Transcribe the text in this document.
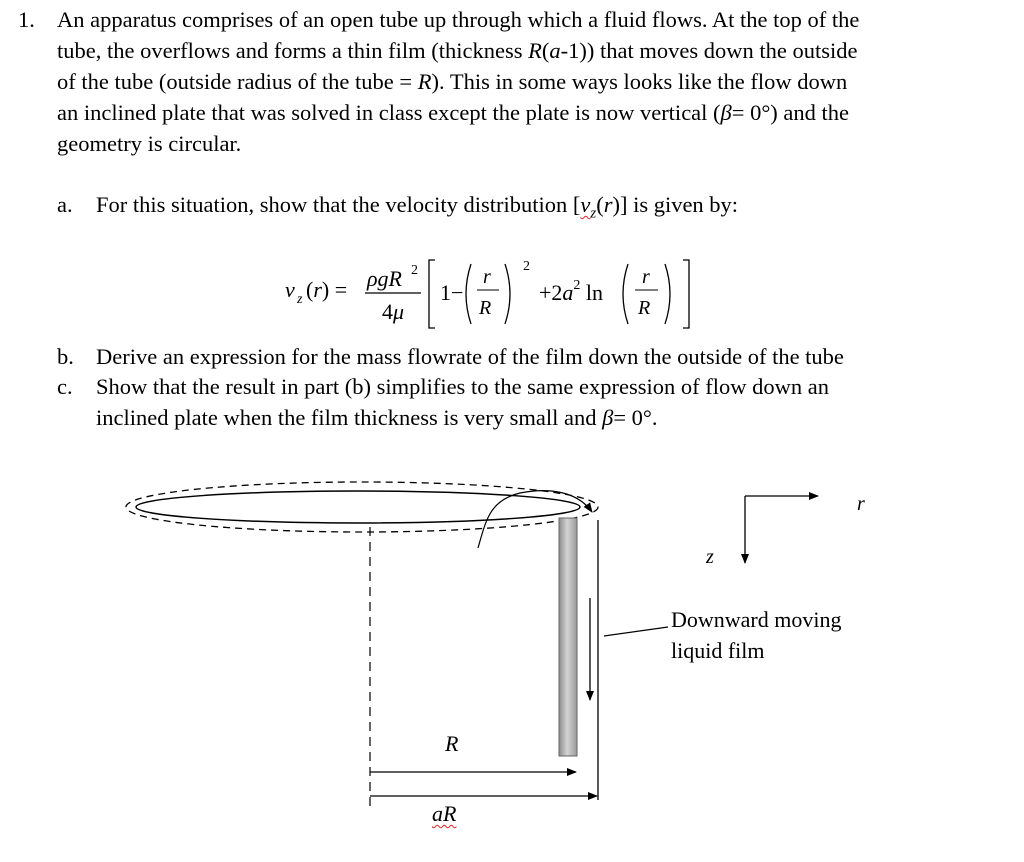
1. An apparatus comprises of an open tube up through which a fluid flows. At the top of the
tube, the overflows and forms a thin film (thickness R(a-1)) that moves down the outside
of the tube (outside radius of the tube = R). This in some ways looks like the flow down
an inclined plate that was solved in class except the plate is now vertical (β= 0°) and the
geometry is circular.
a. For this situation, show that the velocity distribution $[v_z(r)]$ is given by:
v z (r) = ρgR 2
4μ
1−
r
R
2
$+2a^2$ ln
r
R
b. Derive an expression for the mass flowrate of the film down the outside of the tube
c. Show that the result in part (b) simplifies to the same expression of flow down an
inclined plate when the film thickness is very small and β= 0°.
r
z
Downward moving
liquid film
R
aR
